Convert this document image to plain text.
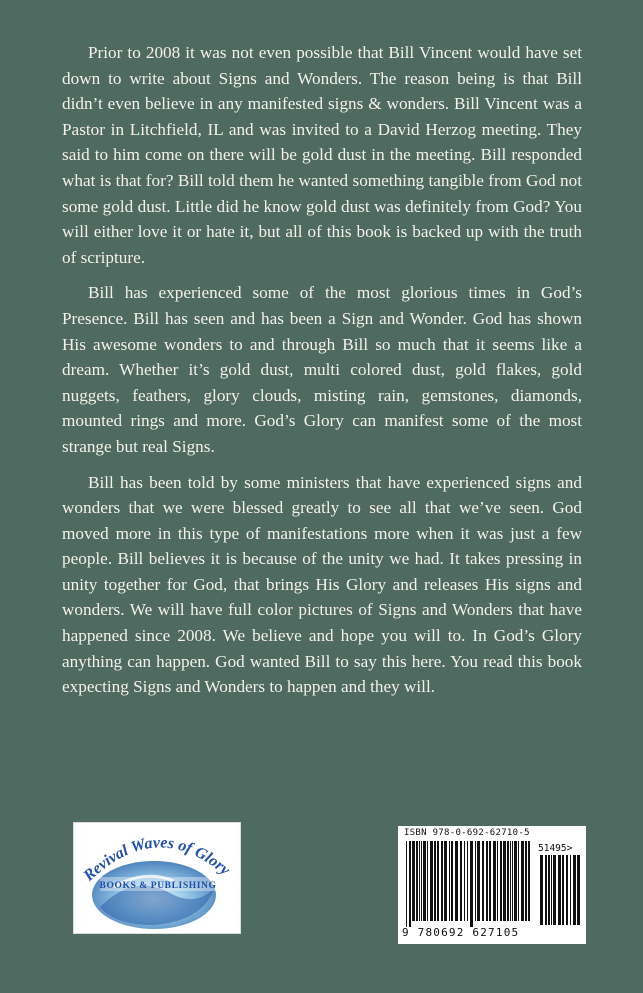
Prior to 2008 it was not even possible that Bill Vincent would have set down to write about Signs and Wonders. The reason being is that Bill didn’t even believe in any manifested signs & wonders. Bill Vincent was a Pastor in Litchfield, IL and was invited to a David Herzog meeting. They said to him come on there will be gold dust in the meeting. Bill responded what is that for? Bill told them he wanted something tangible from God not some gold dust. Little did he know gold dust was definitely from God? You will either love it or hate it, but all of this book is backed up with the truth of scripture.

Bill has experienced some of the most glorious times in God’s Presence. Bill has seen and has been a Sign and Wonder. God has shown His awesome wonders to and through Bill so much that it seems like a dream. Whether it’s gold dust, multi colored dust, gold flakes, gold nuggets, feathers, glory clouds, misting rain, gemstones, diamonds, mounted rings and more. God’s Glory can manifest some of the most strange but real Signs.

Bill has been told by some ministers that have experienced signs and wonders that we were blessed greatly to see all that we’ve seen. God moved more in this type of manifestations more when it was just a few people. Bill believes it is because of the unity we had. It takes pressing in unity together for God, that brings His Glory and releases His signs and wonders. We will have full color pictures of Signs and Wonders that have happened since 2008. We believe and hope you will to. In God’s Glory anything can happen. God wanted Bill to say this here. You read this book expecting Signs and Wonders to happen and they will.

Revival Waves of Glory
BOOKS & PUBLISHING
ISBN 978-0-692-62710-5
51495>
9 780692 627105
